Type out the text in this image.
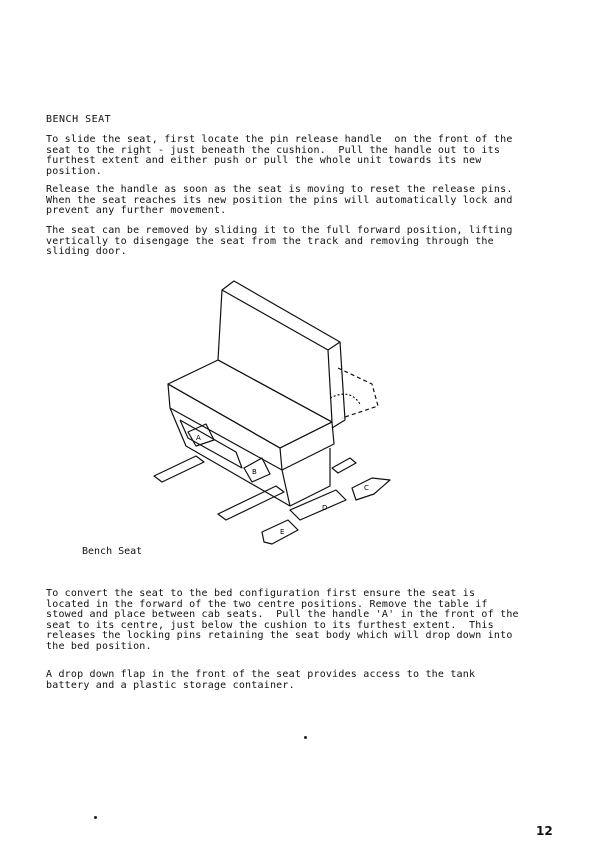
BENCH SEAT

To slide the seat, first locate the pin release handle  on the front of the seat to the right - just beneath the cushion.  Pull the handle out to its furthest extent and either push or pull the whole unit towards its new position.

Release the handle as soon as the seat is moving to reset the release pins.  When the seat reaches its new position the pins will automatically lock and prevent any further movement.

The seat can be removed by sliding it to the full forward position, lifting vertically to disengage the seat from the track and removing through the sliding door.

A
B
C
D
E
Bench Seat

To convert the seat to the bed configuration first ensure the seat is located in the forward of the two centre positions. Remove the table if stowed and place between cab seats.  Pull the handle 'A' in the front of the seat to its centre, just below the cushion to its furthest extent.  This releases the locking pins retaining the seat body which will drop down into the bed position.

A drop down flap in the front of the seat provides access to the tank battery and a plastic storage container.

12
